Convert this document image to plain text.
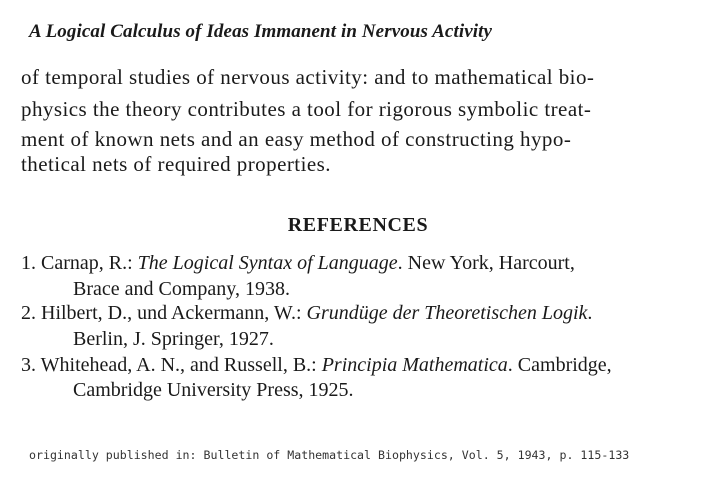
A Logical Calculus of Ideas Immanent in Nervous Activity
of temporal studies of nervous activity: and to mathematical bio-
physics the theory contributes a tool for rigorous symbolic treat-
ment of known nets and an easy method of constructing hypo-
thetical nets of required properties.
REFERENCES
1. Carnap, R.: The Logical Syntax of Language. New York, Harcourt,
Brace and Company, 1938.
2. Hilbert, D., und Ackermann, W.: Grundüge der Theoretischen Logik.
Berlin, J. Springer, 1927.
3. Whitehead, A. N., and Russell, B.: Principia Mathematica. Cambridge,
Cambridge University Press, 1925.
originally published in: Bulletin of Mathematical Biophysics, Vol. 5, 1943, p. 115-133
